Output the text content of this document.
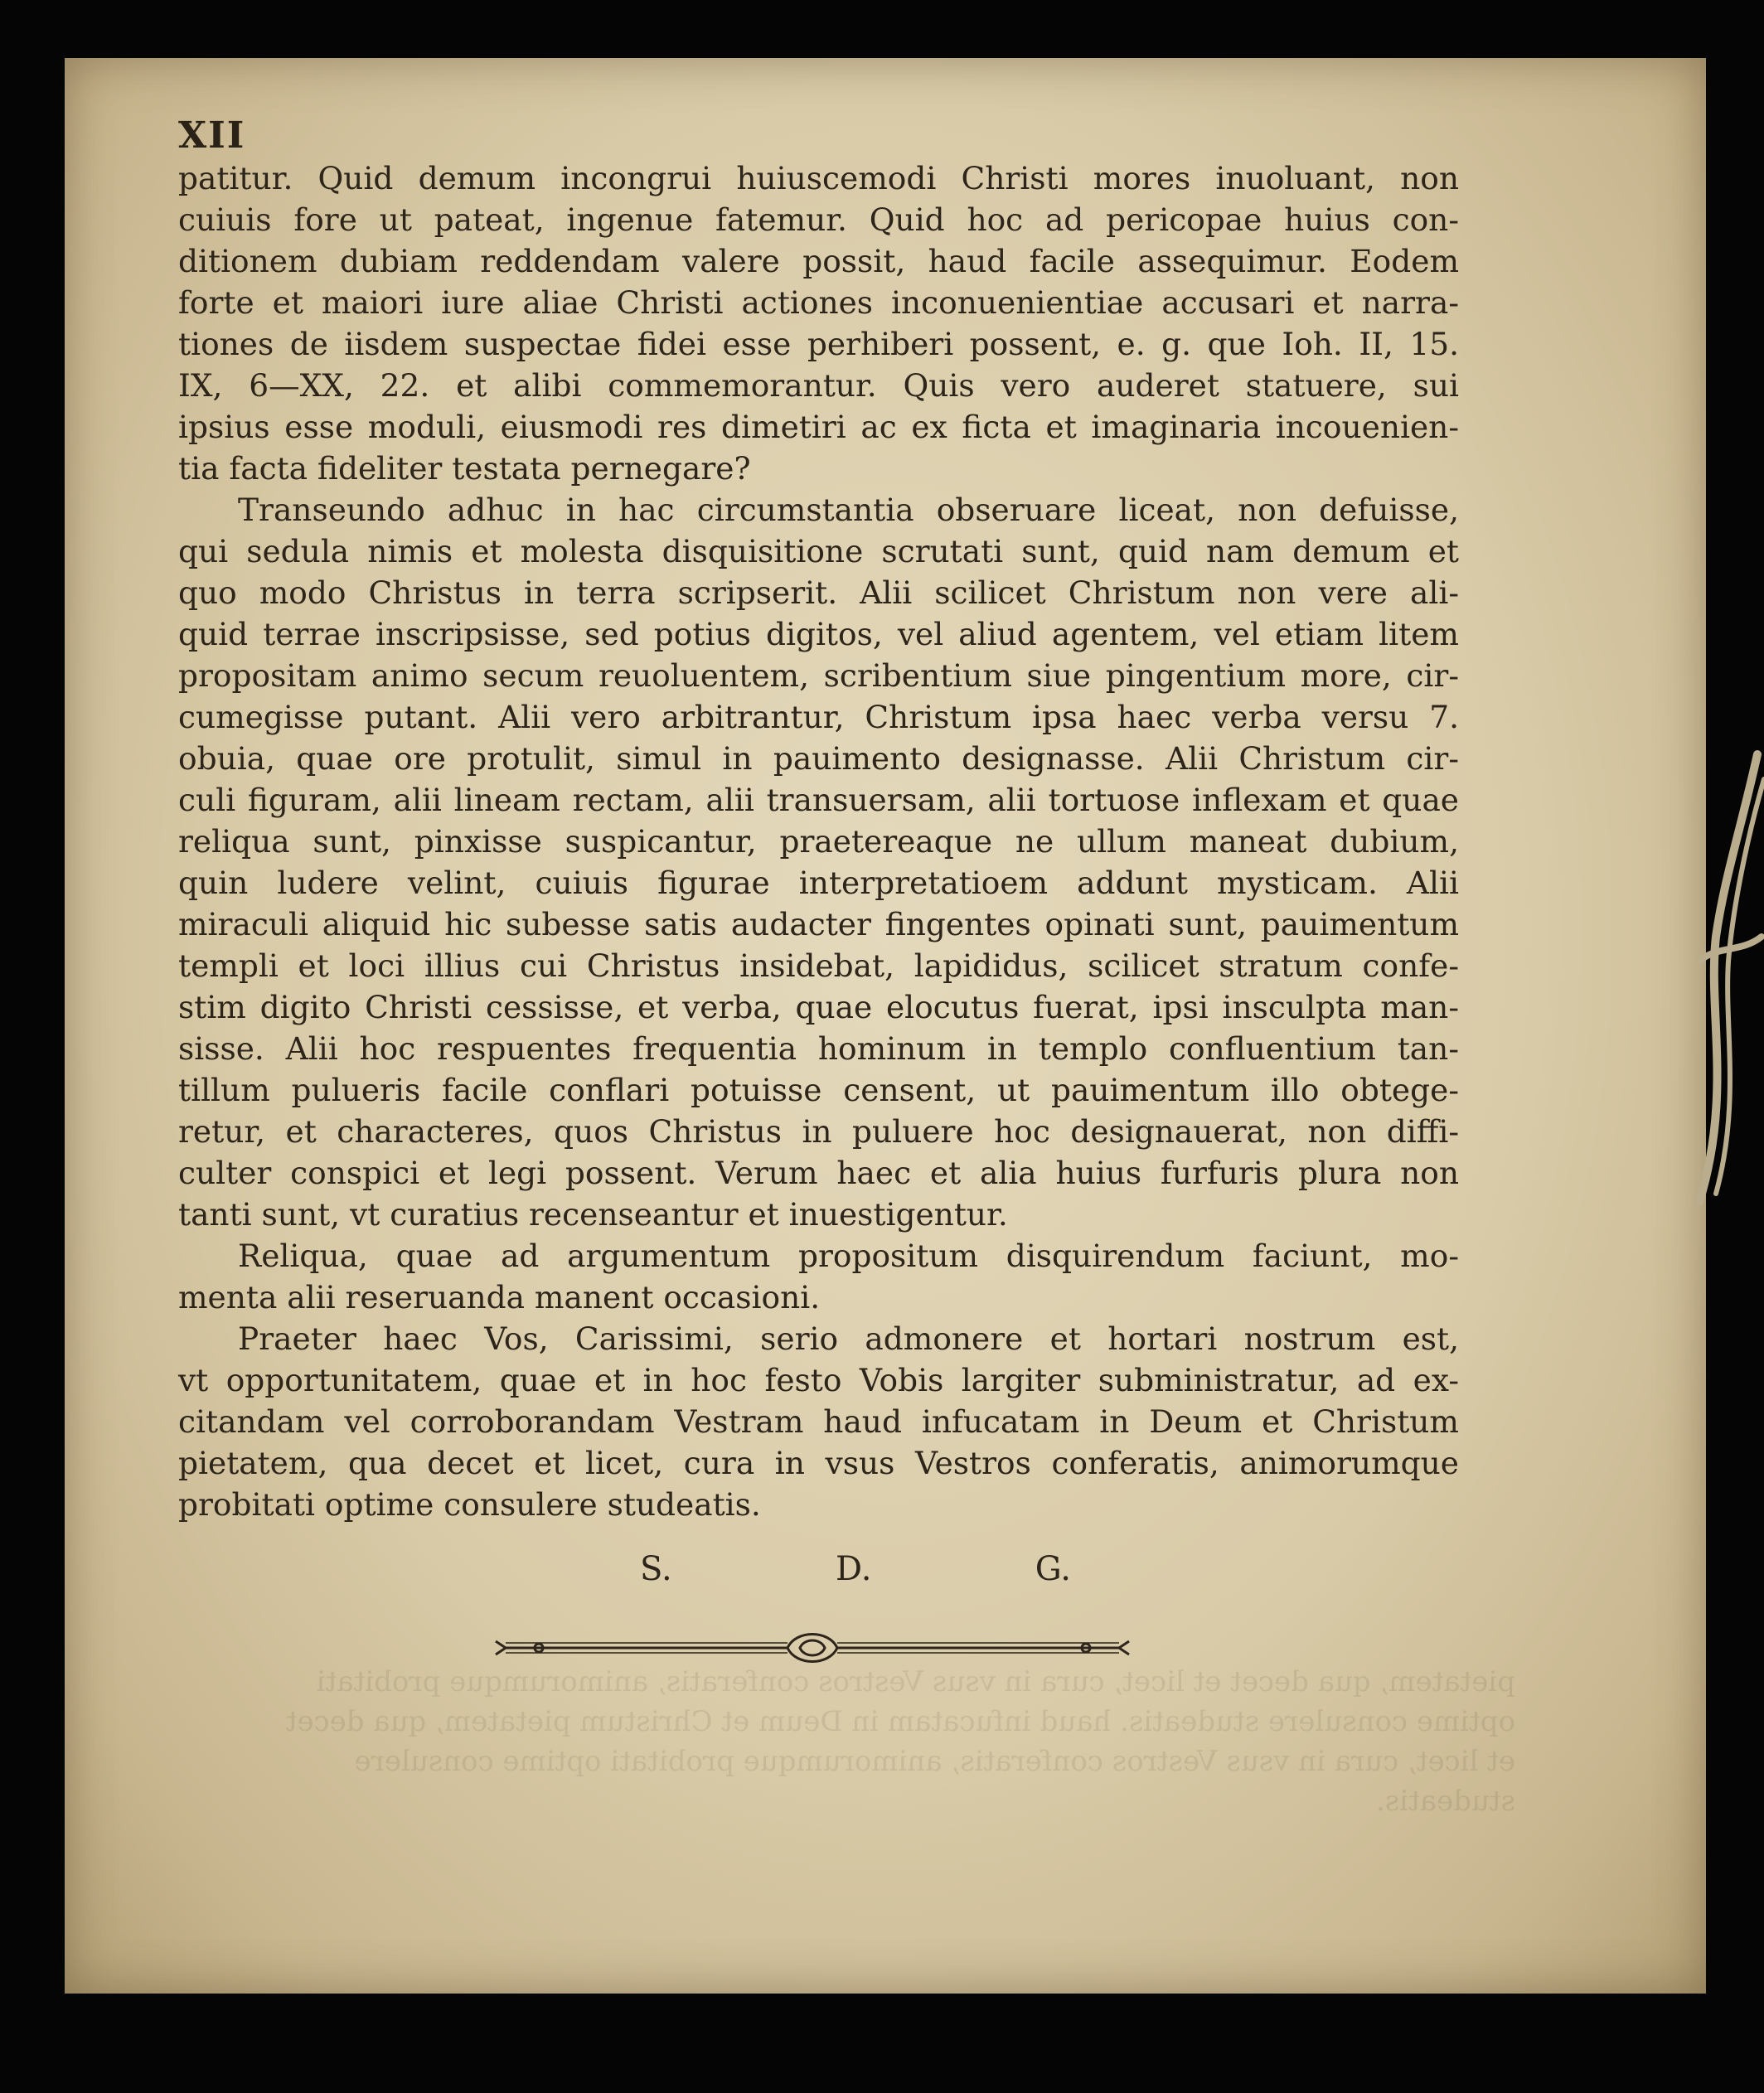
pietatem, qua decet et licet, cura in vsus Vestros conferatis, animorumque probitati optime consulere studeatis. haud infucatam in Deum et Christum pietatem, qua decet et licet, cura in vsus Vestros conferatis, animorumque probitati optime consulere studeatis.
XII
patitur. Quid demum incongrui huiuscemodi Christi mores inuoluant, non
cuiuis fore ut pateat, ingenue fatemur. Quid hoc ad pericopae huius con-
ditionem dubiam reddendam valere possit, haud facile assequimur. Eodem
forte et maiori iure aliae Christi actiones inconuenientiae accusari et narra-
tiones de iisdem suspectae fidei esse perhiberi possent, e. g. que Ioh. II, 15.
IX, 6—XX, 22. et alibi commemorantur. Quis vero auderet statuere, sui
ipsius esse moduli, eiusmodi res dimetiri ac ex ficta et imaginaria incouenien-
tia facta fideliter testata pernegare?
Transeundo adhuc in hac circumstantia obseruare liceat, non defuisse,
qui sedula nimis et molesta disquisitione scrutati sunt, quid nam demum et
quo modo Christus in terra scripserit. Alii scilicet Christum non vere ali-
quid terrae inscripsisse, sed potius digitos, vel aliud agentem, vel etiam litem
propositam animo secum reuoluentem, scribentium siue pingentium more, cir-
cumegisse putant. Alii vero arbitrantur, Christum ipsa haec verba versu 7.
obuia, quae ore protulit, simul in pauimento designasse. Alii Christum cir-
culi figuram, alii lineam rectam, alii transuersam, alii tortuose inflexam et quae
reliqua sunt, pinxisse suspicantur, praetereaque ne ullum maneat dubium,
quin ludere velint, cuiuis figurae interpretatioem addunt mysticam. Alii
miraculi aliquid hic subesse satis audacter fingentes opinati sunt, pauimentum
templi et loci illius cui Christus insidebat, lapididus, scilicet stratum confe-
stim digito Christi cessisse, et verba, quae elocutus fuerat, ipsi insculpta man-
sisse. Alii hoc respuentes frequentia hominum in templo confluentium tan-
tillum pulueris facile conflari potuisse censent, ut pauimentum illo obtege-
retur, et characteres, quos Christus in puluere hoc designauerat, non diffi-
culter conspici et legi possent. Verum haec et alia huius furfuris plura non
tanti sunt, vt curatius recenseantur et inuestigentur.
Reliqua, quae ad argumentum propositum disquirendum faciunt, mo-
menta alii reseruanda manent occasioni.
Praeter haec Vos, Carissimi, serio admonere et hortari nostrum est,
vt opportunitatem, quae et in hoc festo Vobis largiter subministratur, ad ex-
citandam vel corroborandam Vestram haud infucatam in Deum et Christum
pietatem, qua decet et licet, cura in vsus Vestros conferatis, animorumque
probitati optime consulere studeatis.
S.	D.	G.
